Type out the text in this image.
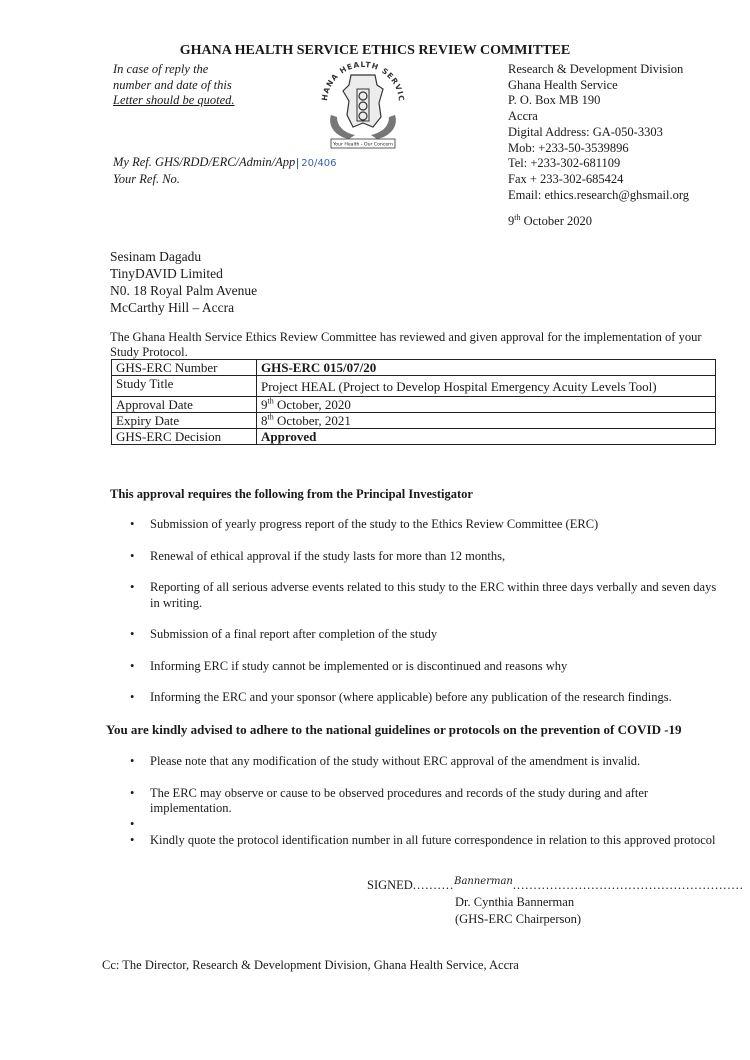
GHANA HEALTH SERVICE ETHICS REVIEW COMMITTEE
In case of reply the
number and date of this
Letter should be quoted.	HANA HEALTH SERVIC
Your Health - Our Concern
Research & Development Division
Ghana Health Service
P. O. Box MB 190
Accra
Digital Address: GA-050-3303
Mob: +233-50-3539896
Tel: +233-302-681109
Fax + 233-302-685424
Email: ethics.research@ghsmail.org
My Ref. GHS/RDD/ERC/Admin/App 20/406
Your Ref. No.
9th October 2020
Sesinam Dagadu
TinyDAVID Limited
N0. 18 Royal Palm Avenue
McCarthy Hill – Accra
The Ghana Health Service Ethics Review Committee has reviewed and given approval for the implementation of your Study Protocol.
GHS-ERC Number	GHS-ERC 015/07/20
Study Title	Project HEAL (Project to Develop Hospital Emergency Acuity Levels Tool)
Approval Date	9th October, 2020
Expiry Date	8th October, 2021
GHS-ERC Decision	Approved
This approval requires the following from the Principal Investigator
• Submission of yearly progress report of the study to the Ethics Review Committee (ERC)
• Renewal of ethical approval if the study lasts for more than 12 months,
• Reporting of all serious adverse events related to this study to the ERC within three days verbally and seven days in writing.
• Submission of a final report after completion of the study
• Informing ERC if study cannot be implemented or is discontinued and reasons why
• Informing the ERC and your sponsor (where applicable) before any publication of the research findings.
You are kindly advised to adhere to the national guidelines or protocols on the prevention of COVID -19
• Please note that any modification of the study without ERC approval of the amendment is invalid.
• The ERC may observe or cause to be observed procedures and records of the study during and after implementation.
•
• Kindly quote the protocol identification number in all future correspondence in relation to this approved protocol
SIGNED..........$^{Bannerman}$........................................................
Dr. Cynthia Bannerman
(GHS-ERC Chairperson)
Cc: The Director, Research & Development Division, Ghana Health Service, Accra
